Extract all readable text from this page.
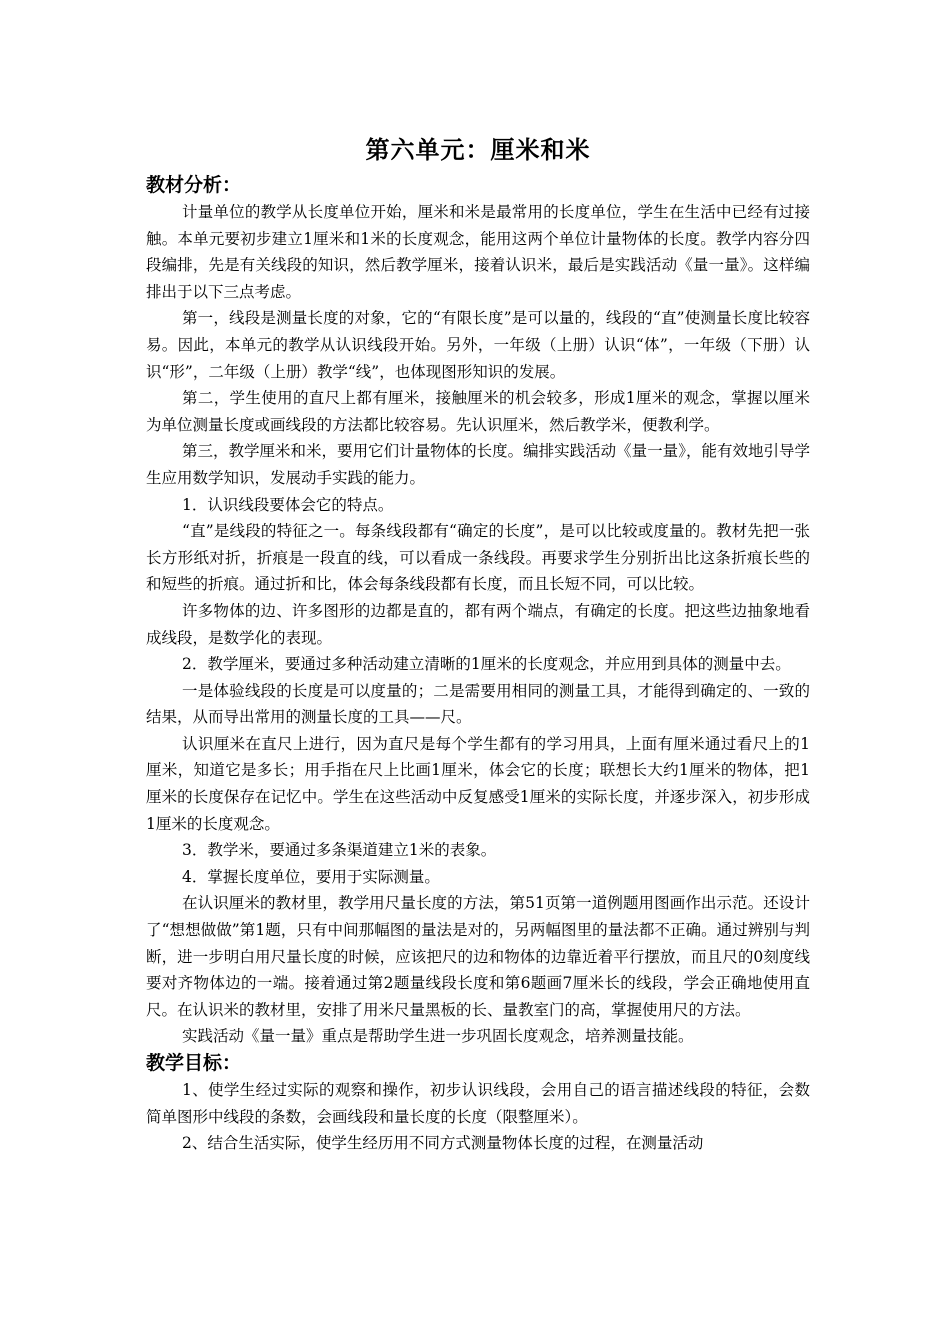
第六单元：厘米和米
教材分析：

计量单位的教学从长度单位开始，厘米和米是最常用的长度单位，学生在生活中已经有过接触。本单元要初步建立1厘米和1米的长度观念，能用这两个单位计量物体的长度。教学内容分四段编排，先是有关线段的知识，然后教学厘米，接着认识米，最后是实践活动《量一量》。这样编排出于以下三点考虑。

第一，线段是测量长度的对象，它的“有限长度”是可以量的，线段的“直”使测量长度比较容易。因此，本单元的教学从认识线段开始。另外，一年级（上册）认识“体”，一年级（下册）认识“形”，二年级（上册）教学“线”，也体现图形知识的发展。

第二，学生使用的直尺上都有厘米，接触厘米的机会较多，形成1厘米的观念，掌握以厘米为单位测量长度或画线段的方法都比较容易。先认识厘米，然后教学米，便教利学。

第三，教学厘米和米，要用它们计量物体的长度。编排实践活动《量一量》，能有效地引导学生应用数学知识，发展动手实践的能力。

1．认识线段要体会它的特点。

“直”是线段的特征之一。每条线段都有“确定的长度”，是可以比较或度量的。教材先把一张长方形纸对折，折痕是一段直的线，可以看成一条线段。再要求学生分别折出比这条折痕长些的和短些的折痕。通过折和比，体会每条线段都有长度，而且长短不同，可以比较。

许多物体的边、许多图形的边都是直的，都有两个端点，有确定的长度。把这些边抽象地看成线段，是数学化的表现。

2．教学厘米，要通过多种活动建立清晰的1厘米的长度观念，并应用到具体的测量中去。

一是体验线段的长度是可以度量的；二是需要用相同的测量工具，才能得到确定的、一致的结果，从而导出常用的测量长度的工具——尺。

认识厘米在直尺上进行，因为直尺是每个学生都有的学习用具，上面有厘米通过看尺上的1厘米，知道它是多长；用手指在尺上比画1厘米，体会它的长度；联想长大约1厘米的物体，把1厘米的长度保存在记忆中。学生在这些活动中反复感受1厘米的实际长度，并逐步深入，初步形成1厘米的长度观念。

3．教学米，要通过多条渠道建立1米的表象。

4．掌握长度单位，要用于实际测量。

在认识厘米的教材里，教学用尺量长度的方法，第51页第一道例题用图画作出示范。还设计了“想想做做”第1题，只有中间那幅图的量法是对的，另两幅图里的量法都不正确。通过辨别与判断，进一步明白用尺量长度的时候，应该把尺的边和物体的边靠近着平行摆放，而且尺的0刻度线要对齐物体边的一端。接着通过第2题量线段长度和第6题画7厘米长的线段，学会正确地使用直尺。在认识米的教材里，安排了用米尺量黑板的长、量教室门的高，掌握使用尺的方法。

实践活动《量一量》重点是帮助学生进一步巩固长度观念，培养测量技能。

教学目标：

1、使学生经过实际的观察和操作，初步认识线段，会用自己的语言描述线段的特征，会数简单图形中线段的条数，会画线段和量长度的长度（限整厘米）。

2、结合生活实际，使学生经历用不同方式测量物体长度的过程，在测量活动
